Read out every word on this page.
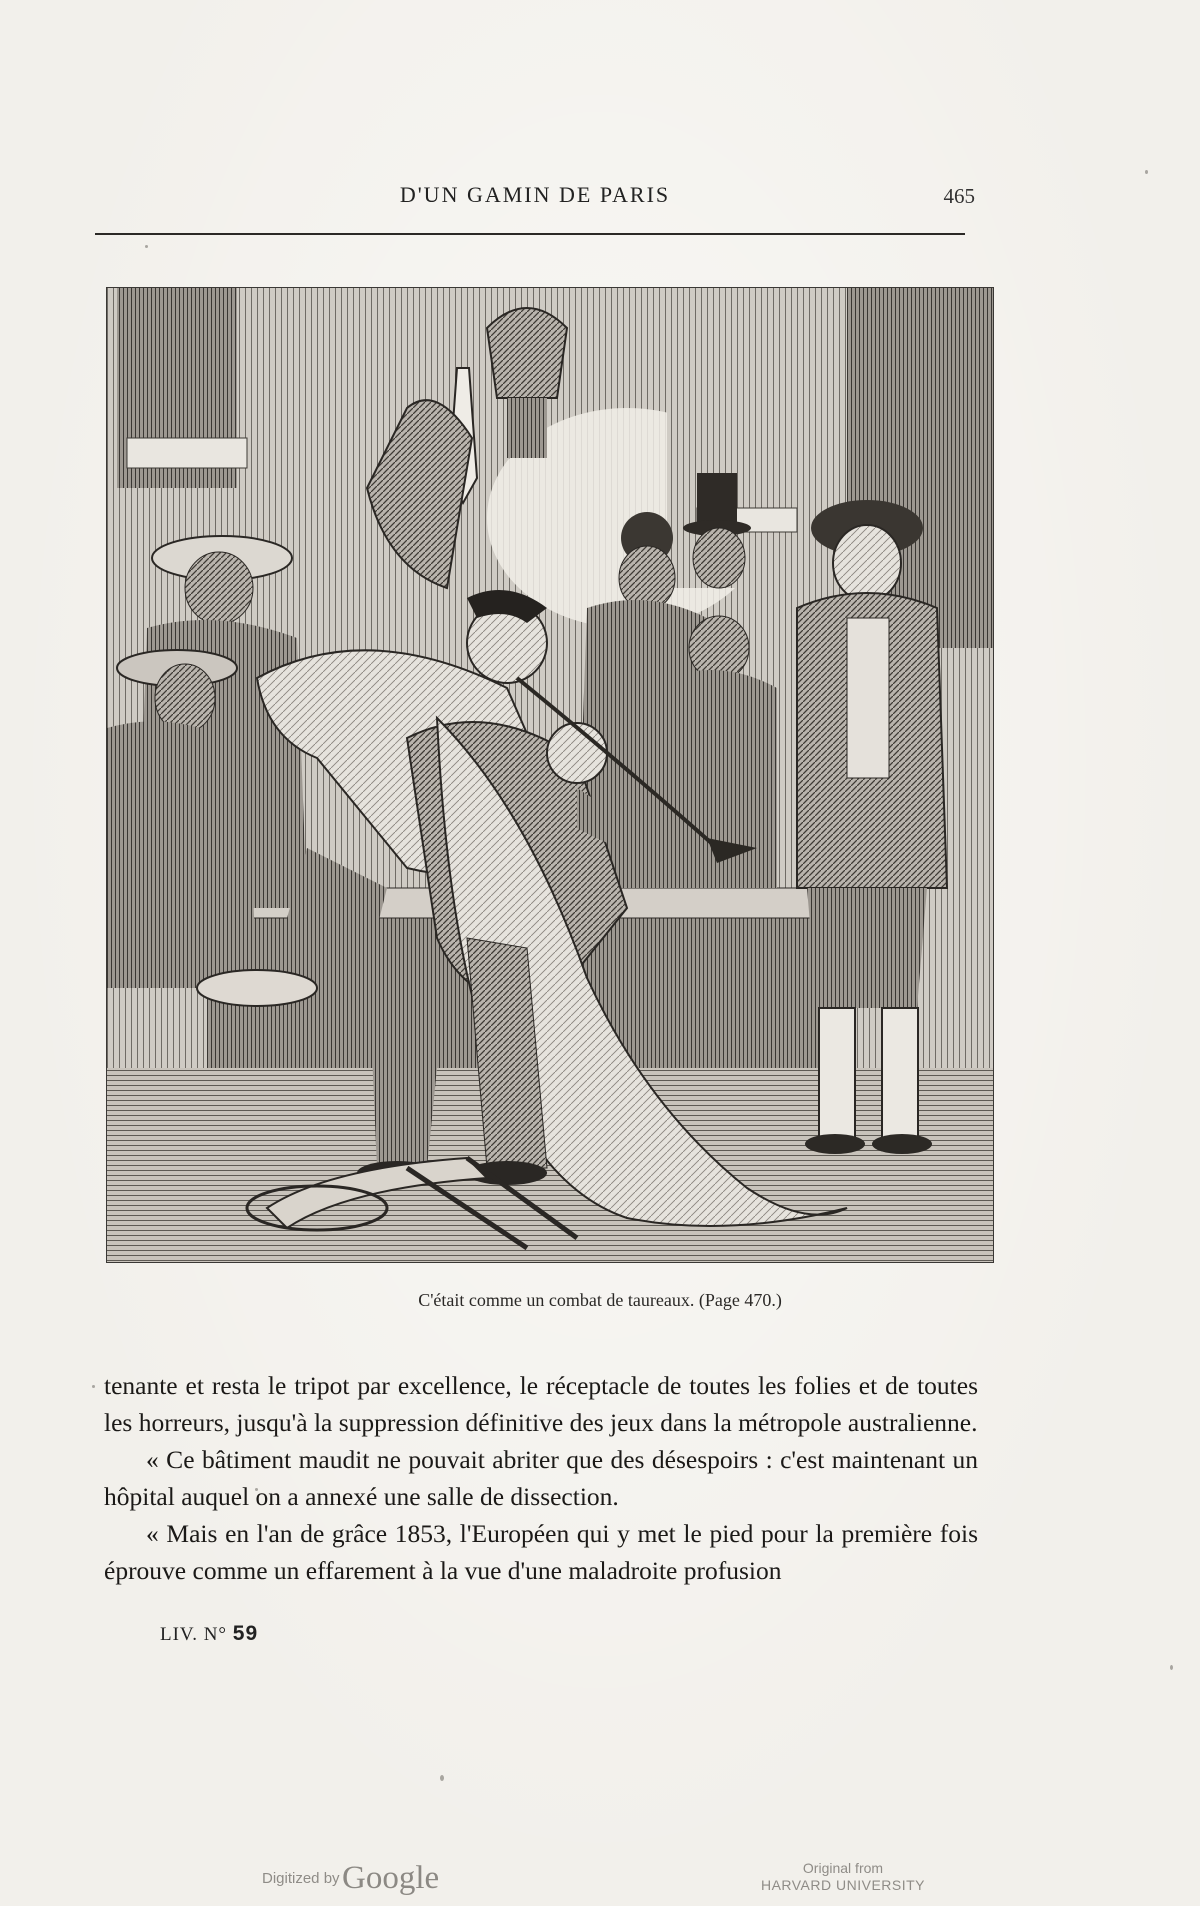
D'UN GAMIN DE PARIS	465
C'était comme un combat de taureaux. (Page 470.)

tenante et resta le tripot par excellence, le réceptacle de toutes les folies et de toutes les horreurs, jusqu'à la suppression définitive des jeux dans la métropole australienne.

« Ce bâtiment maudit ne pouvait abriter que des désespoirs : c'est maintenant un hôpital auquel on a annexé une salle de dissection.

« Mais en l'an de grâce 1853, l'Européen qui y met le pied pour la première fois éprouve comme un effarement à la vue d'une maladroite profusion

LIV. N° 59
Digitized by Google	Original from
HARVARD UNIVERSITY
